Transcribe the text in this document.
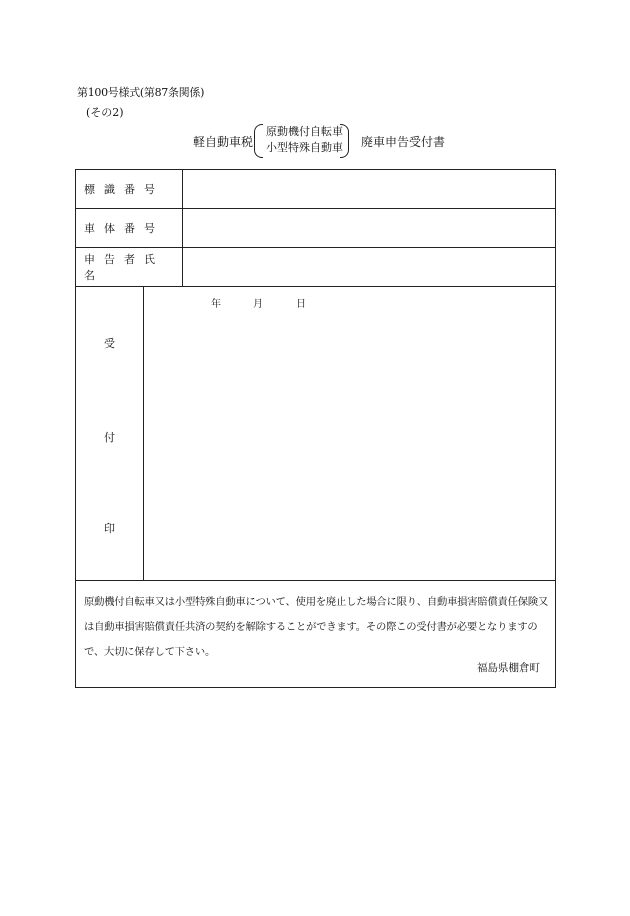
第100号様式(第87条関係)
(その2)
軽自動車税
原動機付自転車
小型特殊自動車 廃車申告受付書
標識番号
車体番号
申告者氏名
受
付
印
年	月	日
原動機付自転車又は小型特殊自動車について、使用を廃止した場合に限り、自動車損害賠償責任保険又は自動車損害賠償責任共済の契約を解除することができます。その際この受付書が必要となりますので、大切に保存して下さい。
福島県棚倉町
